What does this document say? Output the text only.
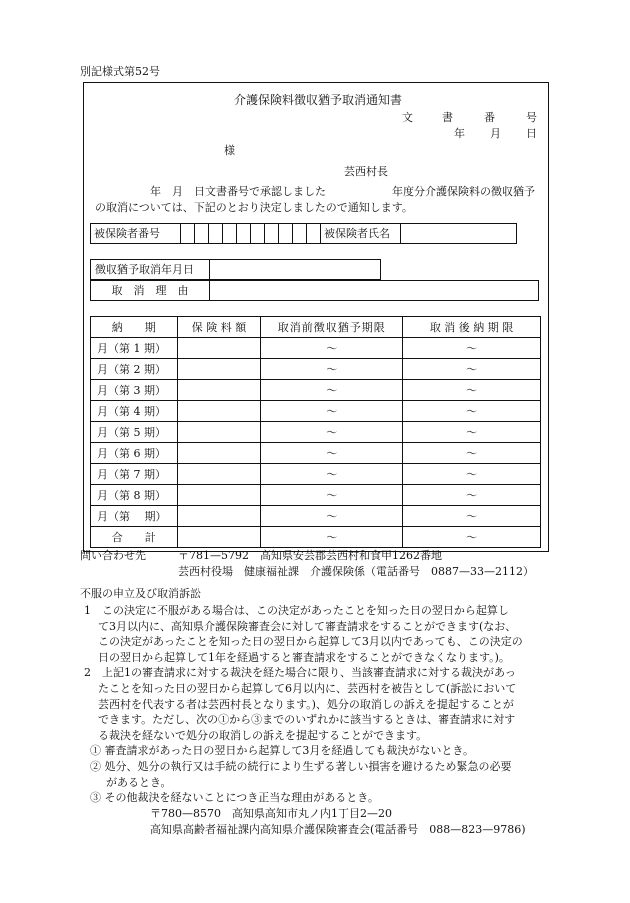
別記様式第52号
介護保険料徴収猶予取消通知書
文	書	番	号
年 月 日
様
芸西村長
年　月　日文書番号で承認しました	年度分介護保険料の徴収猶予
の取消については、下記のとおり決定しましたので通知します。
被保険者番号											被保険者氏名	
徴収猶予取消年月日	
取　消　理　由	
納　　期	保 険 料 額	取消前徴収猶予期限	取 消 後 納 期 限
月（第 1 期）		～	～
月（第 2 期）		～	～
月（第 3 期）		～	～
月（第 4 期）		～	～
月（第 5 期）		～	～
月（第 6 期）		～	～
月（第 7 期）		～	～
月（第 8 期）		～	～
月（第　 期）		～	～
合　　計		～	～
問い合わせ先	〒781—5792　高知県安芸郡芸西村和食甲1262番地
芸西村役場　健康福祉課　介護保険係（電話番号　0887—33—2112）
不服の申立及び取消訴訟
1　この決定に不服がある場合は、この決定があったことを知った日の翌日から起算し
て3月以内に、高知県介護保険審査会に対して審査請求をすることができます(なお、
この決定があったことを知った日の翌日から起算して3月以内であっても、この決定の
日の翌日から起算して1年を経過すると審査請求をすることができなくなります。)。
2　上記1の審査請求に対する裁決を経た場合に限り、当該審査請求に対する裁決があっ
たことを知った日の翌日から起算して6月以内に、芸西村を被告として(訴訟において
芸西村を代表する者は芸西村長となります。)、処分の取消しの訴えを提起することが
できます。ただし、次の①から③までのいずれかに該当するときは、審査請求に対す
る裁決を経ないで処分の取消しの訴えを提起することができます。
① 審査請求があった日の翌日から起算して3月を経過しても裁決がないとき。
② 処分、処分の執行又は手続の続行により生ずる著しい損害を避けるため緊急の必要
があるとき。
③ その他裁決を経ないことにつき正当な理由があるとき。
〒780—8570　高知県高知市丸ノ内1丁目2—20
高知県高齢者福祉課内高知県介護保険審査会(電話番号　088—823—9786)
